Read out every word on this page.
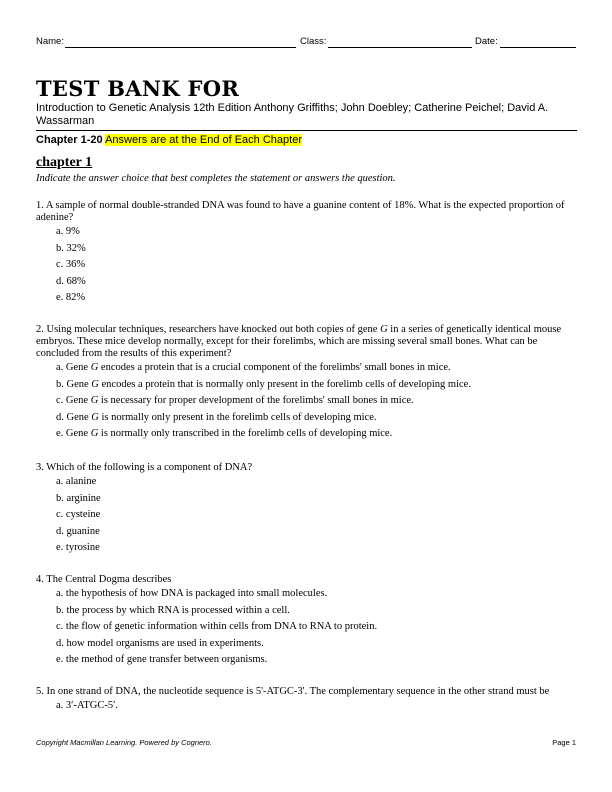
Name:	Class:	Date:
TEST BANK FOR
Introduction to Genetic Analysis 12th Edition Anthony Griffiths; John Doebley; Catherine Peichel; David A. Wassarman
Chapter 1-20 Answers are at the End of Each Chapter
chapter 1
Indicate the answer choice that best completes the statement or answers the question.
1. A sample of normal double-stranded DNA was found to have a guanine content of 18%. What is the expected proportion of adenine?
a. 9%
b. 32%
c. 36%
d. 68%
e. 82%
2. Using molecular techniques, researchers have knocked out both copies of gene G in a series of genetically identical mouse embryos. These mice develop normally, except for their forelimbs, which are missing several small bones. What can be concluded from the results of this experiment?
a. Gene G encodes a protein that is a crucial component of the forelimbs' small bones in mice.
b. Gene G encodes a protein that is normally only present in the forelimb cells of developing mice.
c. Gene G is necessary for proper development of the forelimbs' small bones in mice.
d. Gene G is normally only present in the forelimb cells of developing mice.
e. Gene G is normally only transcribed in the forelimb cells of developing mice.
3. Which of the following is a component of DNA?
a. alanine
b. arginine
c. cysteine
d. guanine
e. tyrosine
4. The Central Dogma describes
a. the hypothesis of how DNA is packaged into small molecules.
b. the process by which RNA is processed within a cell.
c. the flow of genetic information within cells from DNA to RNA to protein.
d. how model organisms are used in experiments.
e. the method of gene transfer between organisms.
5. In one strand of DNA, the nucleotide sequence is 5'-ATGC-3'. The complementary sequence in the other strand must be
a. 3′-ATGC-5′.
Copyright Macmillan Learning. Powered by Cognero.	Page 1
